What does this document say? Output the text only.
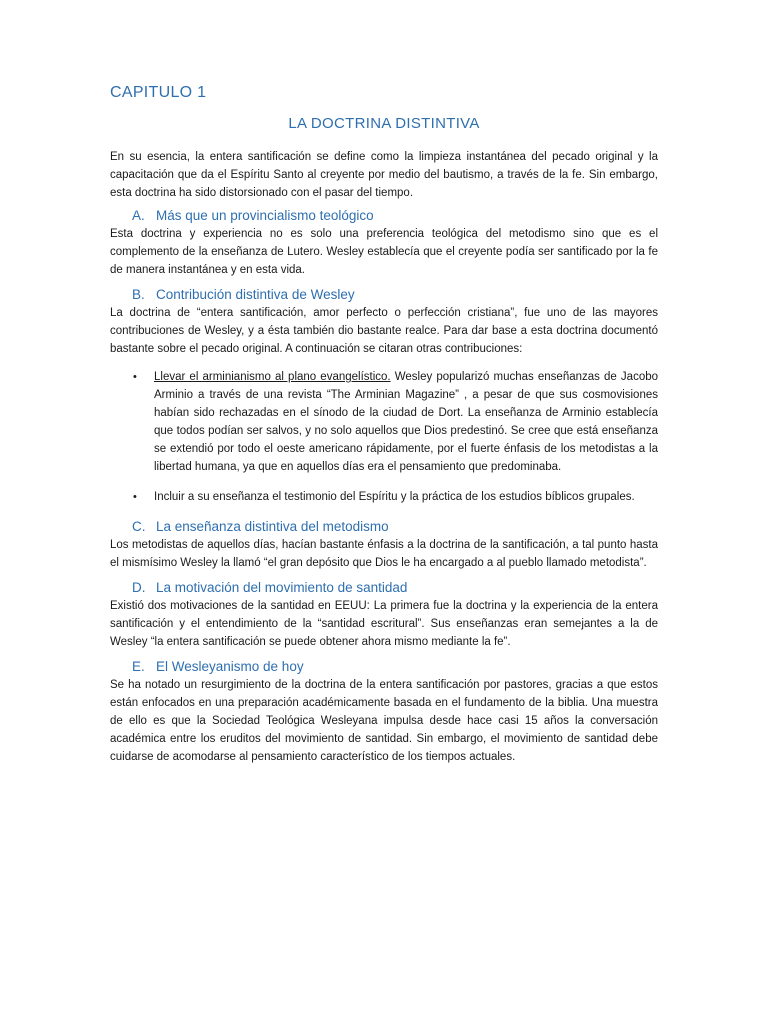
CAPITULO 1
LA DOCTRINA DISTINTIVA

En su esencia, la entera santificación se define como la limpieza instantánea del pecado original y la capacitación que da el Espíritu Santo al creyente por medio del bautismo, a través de la fe. Sin embargo, esta doctrina ha sido distorsionado con el pasar del tiempo.

A. Más que un provincialismo teológico

Esta doctrina y experiencia no es solo una preferencia teológica del metodismo sino que es el complemento de la enseñanza de Lutero. Wesley establecía que el creyente podía ser santificado por la fe de manera instantánea y en esta vida.

B. Contribución distintiva de Wesley

La doctrina de “entera santificación, amor perfecto o perfección cristiana”, fue uno de las mayores contribuciones de Wesley, y a ésta también dio bastante realce. Para dar base a esta doctrina documentó bastante sobre el pecado original. A continuación se citaran otras contribuciones:

• Llevar el arminianismo al plano evangelístico. Wesley popularizó muchas enseñanzas de Jacobo Arminio a través de una revista “The Arminian Magazine” , a pesar de que sus cosmovisiones habían sido rechazadas en el sínodo de la ciudad de Dort. La enseñanza de Arminio establecía que todos podían ser salvos, y no solo aquellos que Dios predestinó. Se cree que está enseñanza se extendió por todo el oeste americano rápidamente, por el fuerte énfasis de los metodistas a la libertad humana, ya que en aquellos días era el pensamiento que predominaba.

• Incluir a su enseñanza el testimonio del Espíritu y la práctica de los estudios bíblicos grupales.

C. La enseñanza distintiva del metodismo

Los metodistas de aquellos días, hacían bastante énfasis a la doctrina de la santificación, a tal punto hasta el mismísimo Wesley la llamó “el gran depósito que Dios le ha encargado a al pueblo llamado metodista”.

D. La motivación del movimiento de santidad

Existió dos motivaciones de la santidad en EEUU: La primera fue la doctrina y la experiencia de la entera santificación y el entendimiento de la “santidad escritural”. Sus enseñanzas eran semejantes a la de Wesley “la entera santificación se puede obtener ahora mismo mediante la fe”.

E. El Wesleyanismo de hoy

Se ha notado un resurgimiento de la doctrina de la entera santificación por pastores, gracias a que estos están enfocados en una preparación académicamente basada en el fundamento de la biblia. Una muestra de ello es que la Sociedad Teológica Wesleyana impulsa desde hace casi 15 años la conversación académica entre los eruditos del movimiento de santidad. Sin embargo, el movimiento de santidad debe cuidarse de acomodarse al pensamiento característico de los tiempos actuales.
